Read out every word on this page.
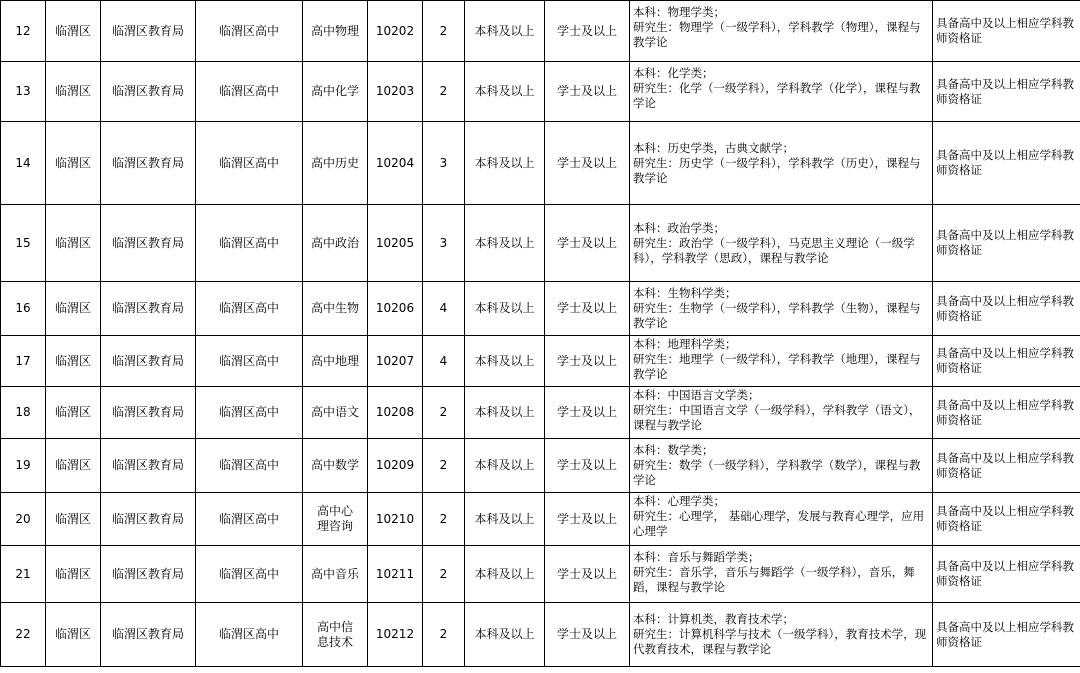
12	临渭区	临渭区教育局	临渭区高中	高中物理	10202	2	本科及以上	学士及以上	本科：物理学类；
研究生：物理学（一级学科），学科教学（物理），课程与教学论	具备高中及以上相应学科教师资格证
13	临渭区	临渭区教育局	临渭区高中	高中化学	10203	2	本科及以上	学士及以上	本科：化学类；
研究生：化学（一级学科），学科教学（化学），课程与教学论	具备高中及以上相应学科教师资格证
14	临渭区	临渭区教育局	临渭区高中	高中历史	10204	3	本科及以上	学士及以上	本科：历史学类，古典文献学；
研究生：历史学（一级学科），学科教学（历史），课程与教学论	具备高中及以上相应学科教师资格证
15	临渭区	临渭区教育局	临渭区高中	高中政治	10205	3	本科及以上	学士及以上	本科：政治学类；
研究生：政治学（一级学科），马克思主义理论（一级学科），学科教学（思政），课程与教学论	具备高中及以上相应学科教师资格证
16	临渭区	临渭区教育局	临渭区高中	高中生物	10206	4	本科及以上	学士及以上	本科：生物科学类；
研究生：生物学（一级学科），学科教学（生物），课程与教学论	具备高中及以上相应学科教师资格证
17	临渭区	临渭区教育局	临渭区高中	高中地理	10207	4	本科及以上	学士及以上	本科：地理科学类；
研究生：地理学（一级学科），学科教学（地理），课程与教学论	具备高中及以上相应学科教师资格证
18	临渭区	临渭区教育局	临渭区高中	高中语文	10208	2	本科及以上	学士及以上	本科：中国语言文学类；
研究生：中国语言文学（一级学科），学科教学（语文），课程与教学论	具备高中及以上相应学科教师资格证
19	临渭区	临渭区教育局	临渭区高中	高中数学	10209	2	本科及以上	学士及以上	本科：数学类；
研究生：数学（一级学科），学科教学（数学），课程与教学论	具备高中及以上相应学科教师资格证
20	临渭区	临渭区教育局	临渭区高中	高中心理咨询	10210	2	本科及以上	学士及以上	本科：心理学类；
研究生：心理学， 基础心理学，发展与教育心理学，应用心理学	具备高中及以上相应学科教师资格证
21	临渭区	临渭区教育局	临渭区高中	高中音乐	10211	2	本科及以上	学士及以上	本科：音乐与舞蹈学类；
研究生：音乐学，音乐与舞蹈学（一级学科），音乐，舞蹈，课程与教学论	具备高中及以上相应学科教师资格证
22	临渭区	临渭区教育局	临渭区高中	高中信息技术	10212	2	本科及以上	学士及以上	本科：计算机类，教育技术学；
研究生：计算机科学与技术（一级学科），教育技术学，现代教育技术，课程与教学论	具备高中及以上相应学科教师资格证
